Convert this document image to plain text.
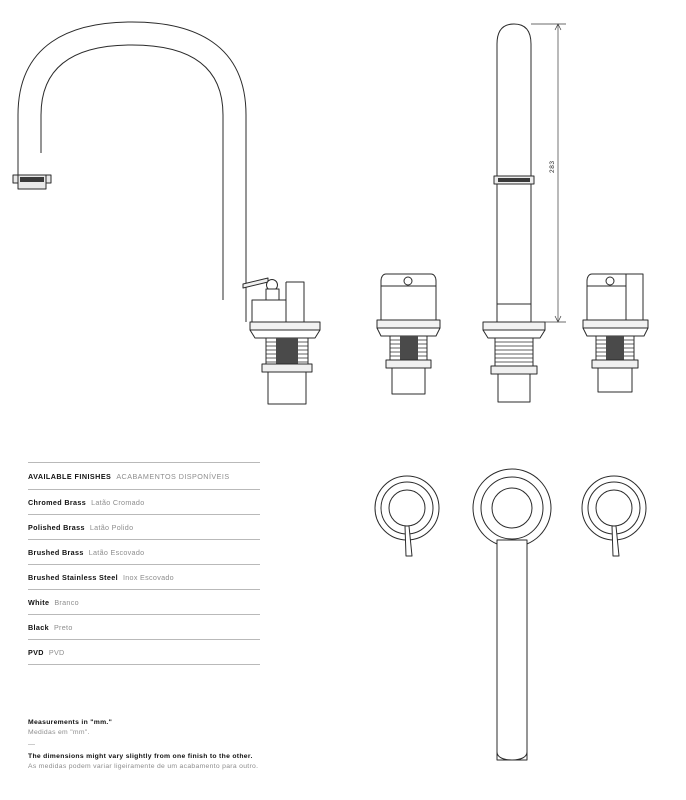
283
AVAILABLE FINISHES ACABAMENTOS DISPONÍVEIS
Chromed Brass Latão Cromado
Polished Brass Latão Polido
Brushed Brass Latão Escovado
Brushed Stainless Steel Inox Escovado
White Branco
Black Preto
PVD PVD
Measurements in "mm."
Medidas em "mm".
—
The dimensions might vary slightly from one finish to the other.
As medidas podem variar ligeiramente de um acabamento para outro.
